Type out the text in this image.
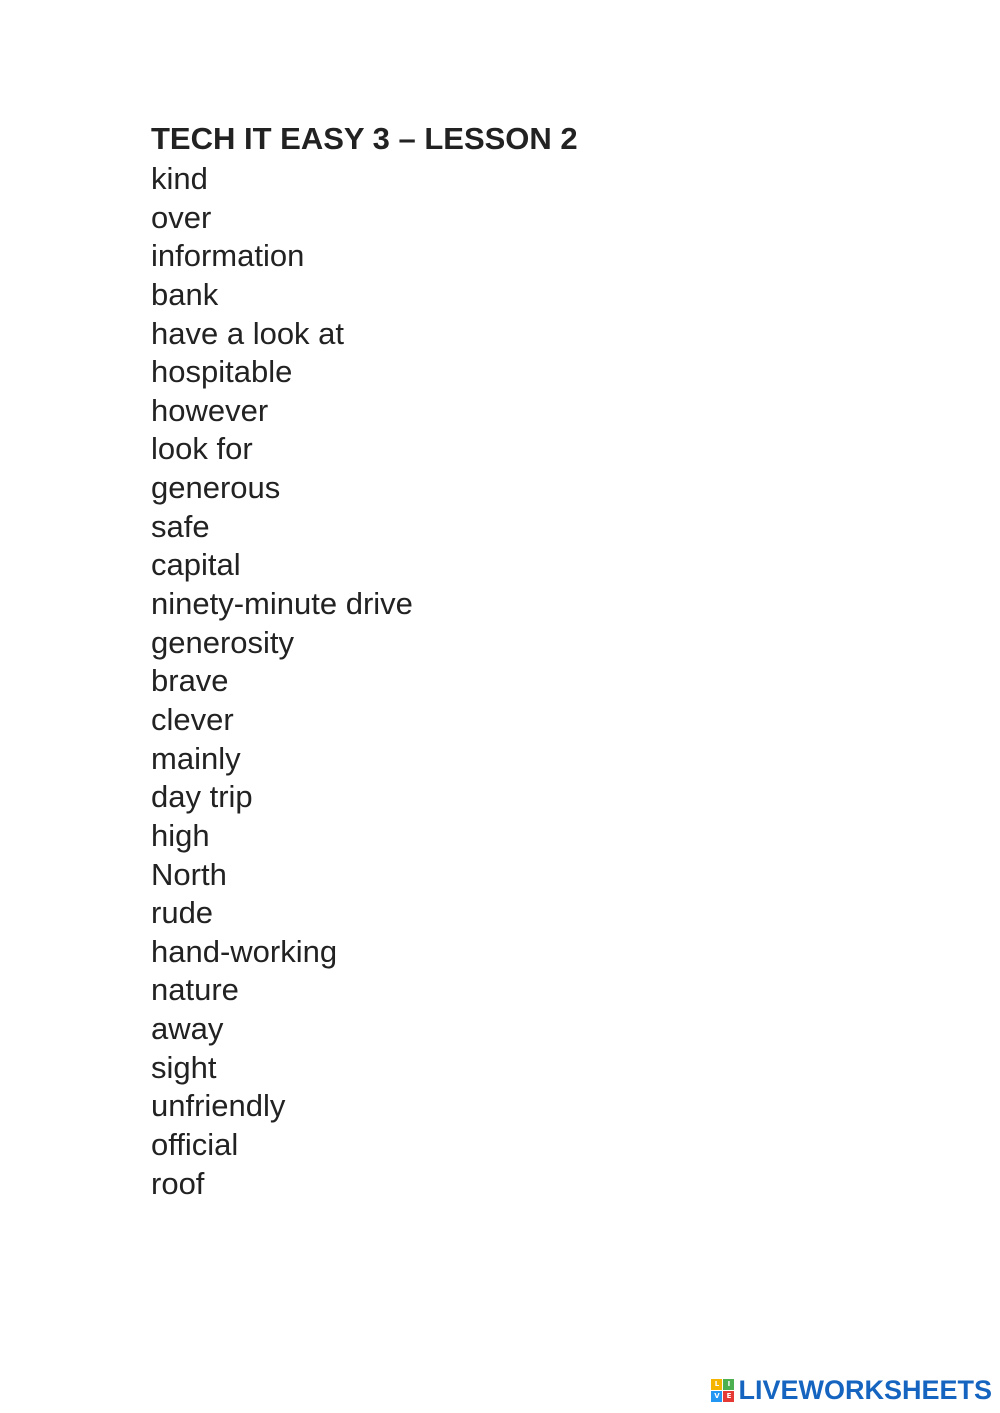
TECH IT EASY 3 – LESSON 2
kind
over
information
bank
have a look at
hospitable
however
look for
generous
safe
capital
ninety-minute drive
generosity
brave
clever
mainly
day trip
high
North
rude
hand-working
nature
away
sight
unfriendly
official
roof
L	I
V E LIVEWORKSHEETS
